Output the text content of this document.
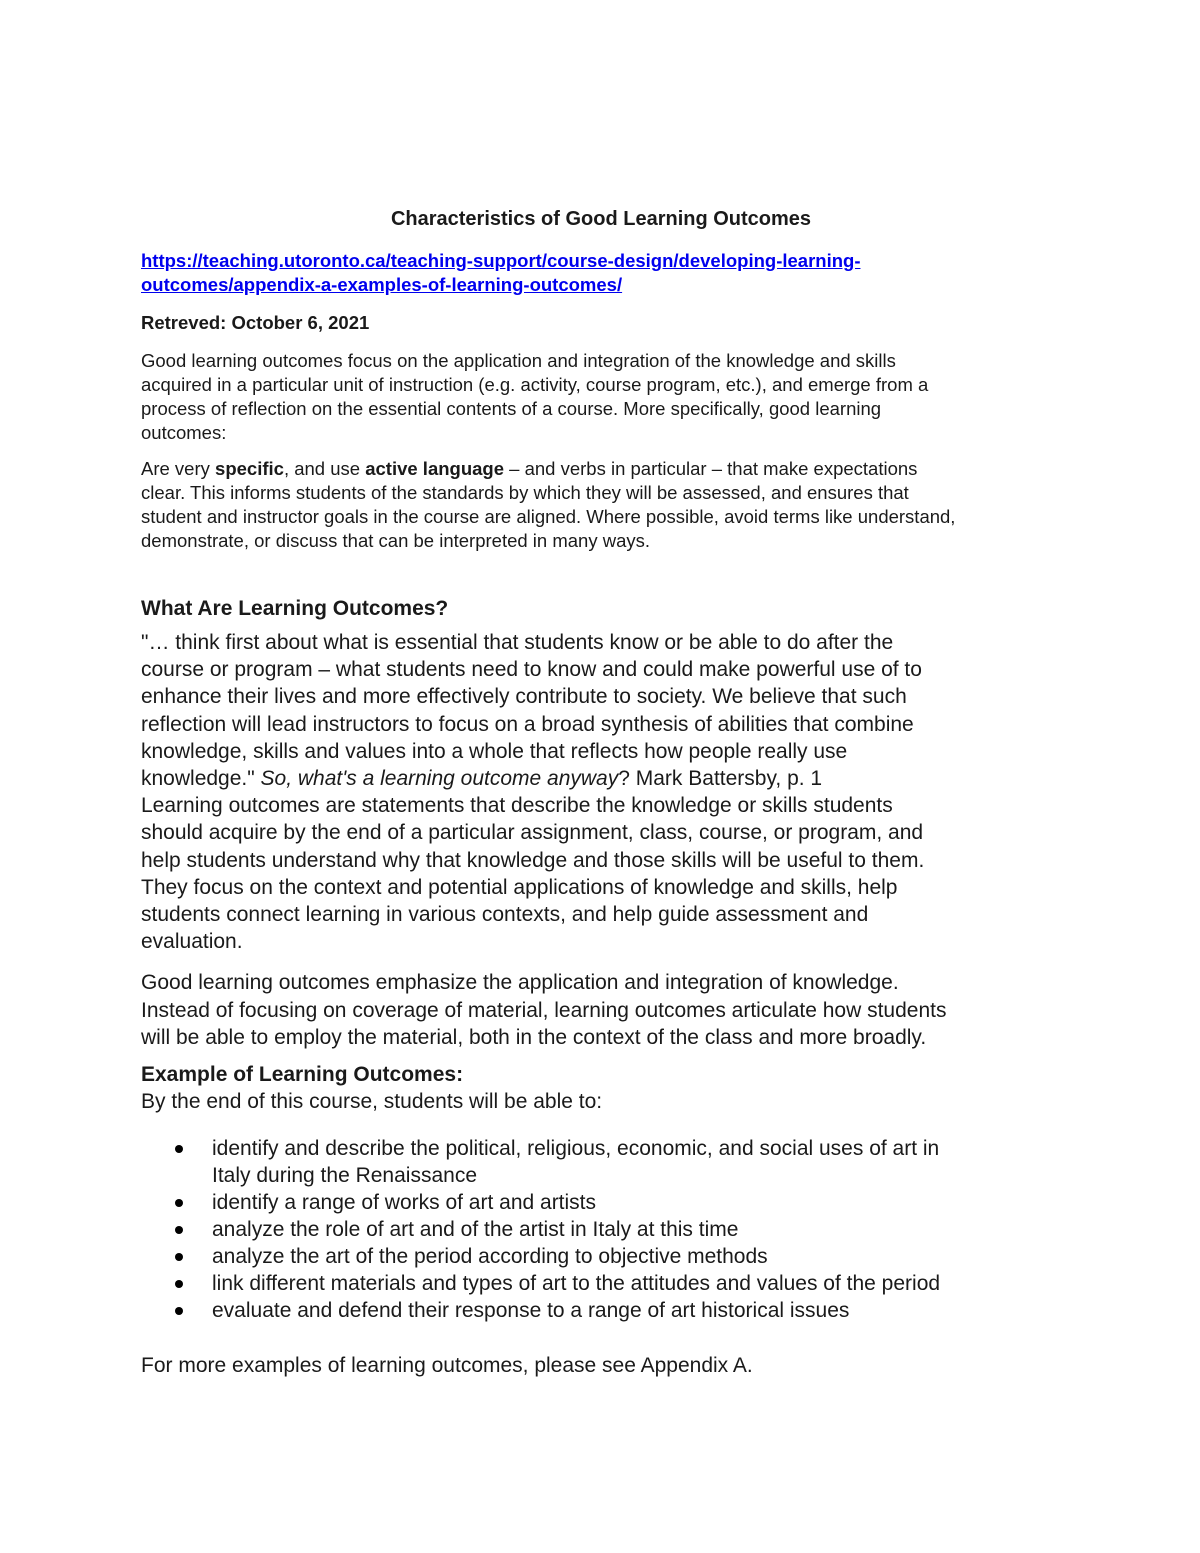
Characteristics of Good Learning Outcomes
https://teaching.utoronto.ca/teaching-support/course-design/developing-learning-
outcomes/appendix-a-examples-of-learning-outcomes/
Retreved: October 6, 2021
Good learning outcomes focus on the application and integration of the knowledge and skills
acquired in a particular unit of instruction (e.g. activity, course program, etc.), and emerge from a
process of reflection on the essential contents of a course. More specifically, good learning
outcomes:
Are very specific, and use active language – and verbs in particular – that make expectations
clear. This informs students of the standards by which they will be assessed, and ensures that
student and instructor goals in the course are aligned. Where possible, avoid terms like understand,
demonstrate, or discuss that can be interpreted in many ways.
What Are Learning Outcomes?
"… think first about what is essential that students know or be able to do after the
course or program – what students need to know and could make powerful use of to
enhance their lives and more effectively contribute to society. We believe that such
reflection will lead instructors to focus on a broad synthesis of abilities that combine
knowledge, skills and values into a whole that reflects how people really use
knowledge." So, what's a learning outcome anyway? Mark Battersby, p. 1
Learning outcomes are statements that describe the knowledge or skills students
should acquire by the end of a particular assignment, class, course, or program, and
help students understand why that knowledge and those skills will be useful to them.
They focus on the context and potential applications of knowledge and skills, help
students connect learning in various contexts, and help guide assessment and
evaluation.
Good learning outcomes emphasize the application and integration of knowledge.
Instead of focusing on coverage of material, learning outcomes articulate how students
will be able to employ the material, both in the context of the class and more broadly.
Example of Learning Outcomes:
By the end of this course, students will be able to:
identify and describe the political, religious, economic, and social uses of art in
Italy during the Renaissance
identify a range of works of art and artists
analyze the role of art and of the artist in Italy at this time
analyze the art of the period according to objective methods
link different materials and types of art to the attitudes and values of the period
evaluate and defend their response to a range of art historical issues
For more examples of learning outcomes, please see Appendix A.
